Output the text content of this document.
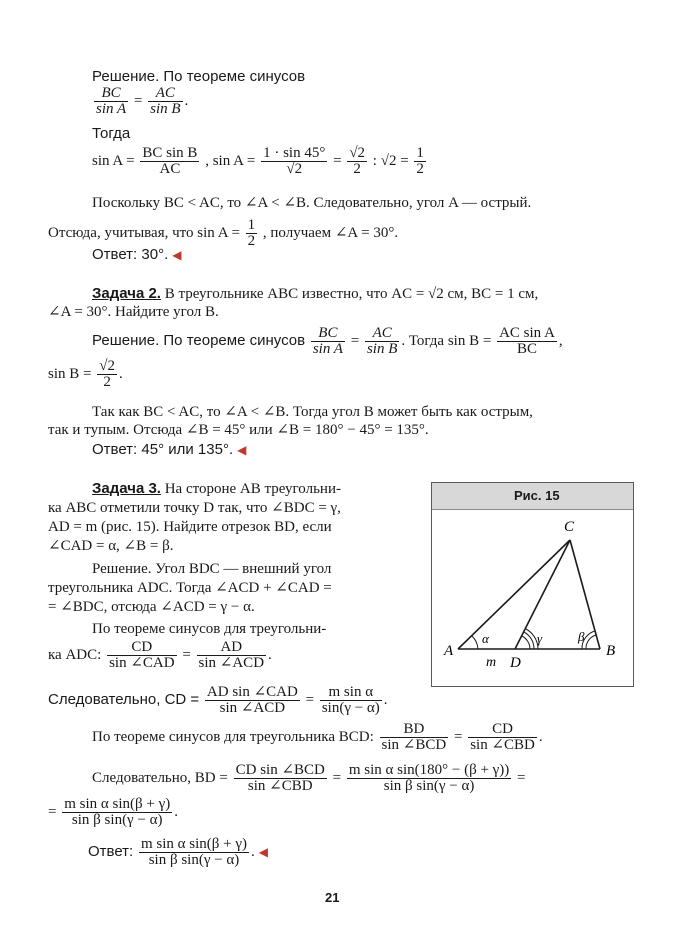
Решение. По теореме синусов
$\frac{BC}{\text{sin A}} = \frac{AC}{\text{sin B}}$ .
Тогда
$\sin A = \frac{\text{BC sin B}}{AC}$ , $\sin A = \frac{1 \cdot \sin 45^\circ}{√2} = \frac{√2}{2}$ : $√2 = \frac{1}{2}$
Поскольку BC < AC, то ∠A < ∠B. Следовательно, угол A — острый.
Отсюда, учитывая, что $\sin A = \frac{1}{2}$ , получаем ∠A = 30°.
Ответ: 30°. ◀
Задача 2. В треугольнике ABC известно, что AC = √2 см, BC = 1 см,
∠A = 30°. Найдите угол B.
Решение. По теореме синусов $\frac{BC}{\text{sin A}} = \frac{AC}{\text{sin B}}$ . Тогда $\sin B = \frac{\text{AC sin A}}{BC}$ ,
$\sin B = \frac{√2}{2}$ .
Так как BC < AC, то ∠A < ∠B. Тогда угол B может быть как острым,
так и тупым. Отсюда ∠B = 45° или ∠B = 180° − 45° = 135°.
Ответ: 45° или 135°. ◀
Задача 3. На стороне AB треугольни-
ка ABC отметили точку D так, что ∠BDC = γ,
AD = m (рис. 15). Найдите отрезок BD, если
∠CAD = α, ∠B = β.
Решение. Угол BDC — внешний угол
треугольника ADC. Тогда ∠ACD + ∠CAD =
= ∠BDC, отсюда ∠ACD = γ − α.
По теореме синусов для треугольни-
ка ADC: $\frac{CD}{\text{sin ∠CAD}} = \frac{AD}{\text{sin ∠ACD}}$ .
Следовательно, CD = $\frac{\text{AD sin ∠CAD}}{\text{sin ∠ACD}} = \frac{\text{m sin α}}{\sin(\gamma - \alpha)}$ .
По теореме синусов для треугольника BCD: $\frac{BD}{\text{sin ∠BCD}} = \frac{CD}{\text{sin ∠CBD}}$ .
Следовательно, BD = $\frac{\text{CD sin ∠BCD}}{\text{sin ∠CBD}} = \frac{\text{m sin α sin(180° − (β + γ))}}{\text{sin β sin(γ − α)}}$ =
= $\frac{\text{m sin α sin(β + γ)}}{\text{sin β sin(γ − α)}}$ .
Ответ: $\frac{\text{m sin α sin(β + γ)}}{\text{sin β sin(γ − α)}}$ . ◀
Рис. 15
C
A	B
D
m
α	γ	β
21
